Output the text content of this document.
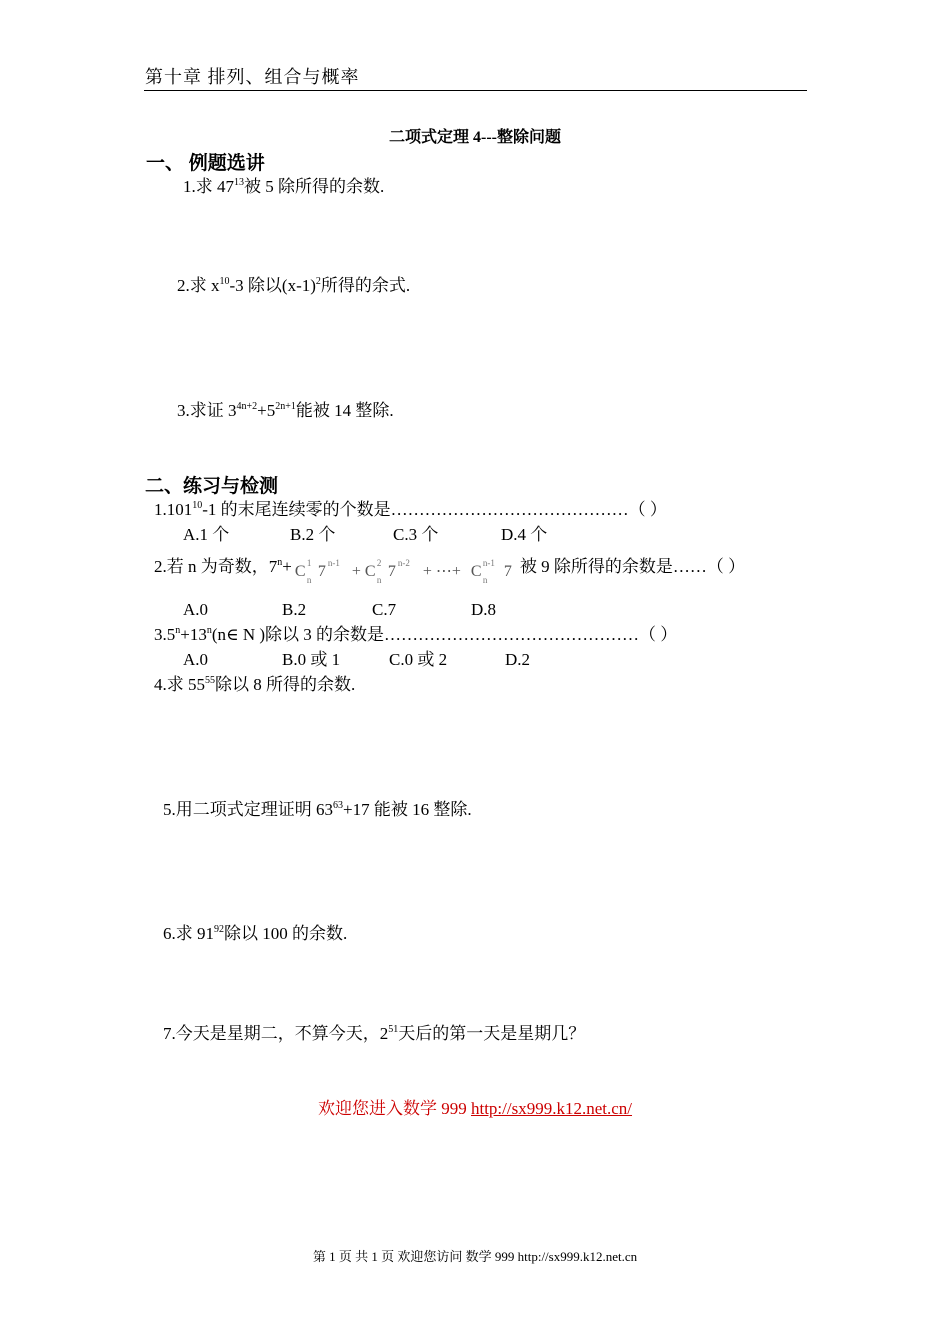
第十章 排列、组合与概率
二项式定理 4---整除问题
一、 例题选讲
1.求 $47^{13}$被 5 除所得的余数.
2.求 $x^{10}-3$ 除以$(x-1)^2$所得的余式.
3.求证 $3^{4n+2}+5^{2n+1}$能被 14 整除.
二、练习与检测
1.101$^{10}$-1 的末尾连续零的个数是……………………………………（ ）
A.1 个	B.2 个	C.3 个	D.4 个
2.若 n 为奇数，$7^n+ C$ 1
n 7 n-1 + C 2
n 7 n-2 + ⋯+ C n-1
n 7 被 9 除所得的余数是……（ ）
A.0	B.2	C.7	D.8
$3.5^n+13^n(n\in$ N )除以 3 的余数是………………………………………（ ）
A.0	B.0 或 1	C.0 或 2	D.2
4.求 $55^{55}$除以 8 所得的余数.
5.用二项式定理证明 $63^{63}+17$ 能被 16 整除.
6.求 $91^{92}$除以 100 的余数.
7.今天是星期二，不算今天，$2^{51}$天后的第一天是星期几？
欢迎您进入数学 999 http://sx999.k12.net.cn/
第 1 页 共 1 页 欢迎您访问 数学 999 http://sx999.k12.net.cn
